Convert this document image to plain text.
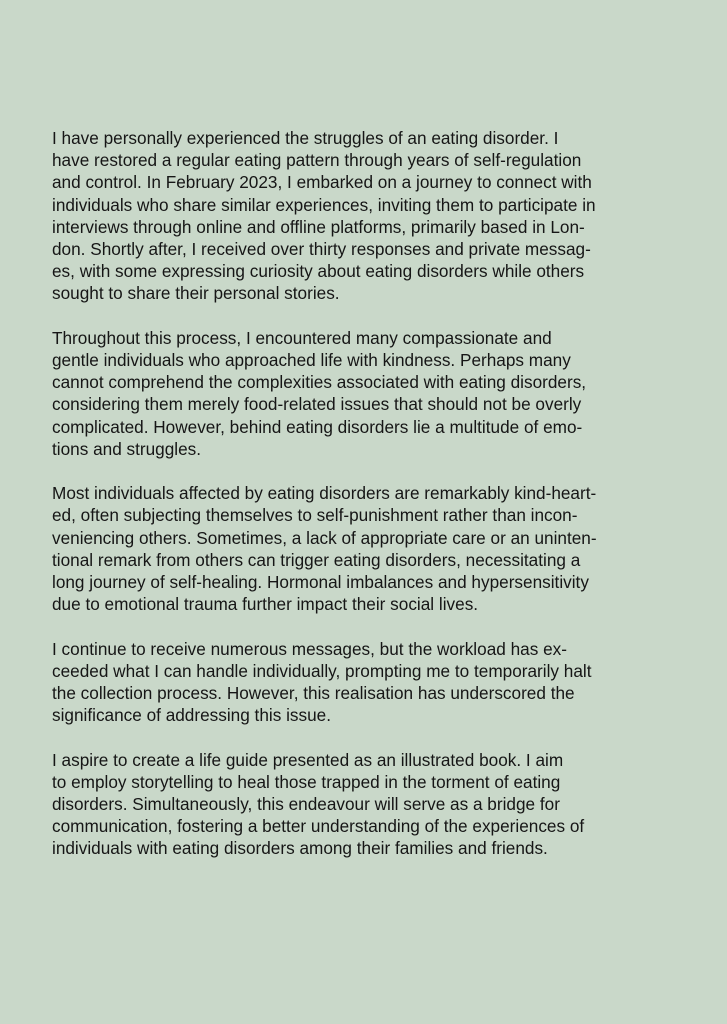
I have personally experienced the struggles of an eating disorder. I
have restored a regular eating pattern through years of self-regulation
and control. In February 2023, I embarked on a journey to connect with
individuals who share similar experiences, inviting them to participate in
interviews through online and offline platforms, primarily based in Lon-
don. Shortly after, I received over thirty responses and private messag-
es, with some expressing curiosity about eating disorders while others
sought to share their personal stories.

Throughout this process, I encountered many compassionate and
gentle individuals who approached life with kindness. Perhaps many
cannot comprehend the complexities associated with eating disorders,
considering them merely food-related issues that should not be overly
complicated. However, behind eating disorders lie a multitude of emo-
tions and struggles.

Most individuals affected by eating disorders are remarkably kind-heart-
ed, often subjecting themselves to self-punishment rather than incon-
veniencing others. Sometimes, a lack of appropriate care or an uninten-
tional remark from others can trigger eating disorders, necessitating a
long journey of self-healing. Hormonal imbalances and hypersensitivity
due to emotional trauma further impact their social lives.

I continue to receive numerous messages, but the workload has ex-
ceeded what I can handle individually, prompting me to temporarily halt
the collection process. However, this realisation has underscored the
significance of addressing this issue.

I aspire to create a life guide presented as an illustrated book. I aim
to employ storytelling to heal those trapped in the torment of eating
disorders. Simultaneously, this endeavour will serve as a bridge for
communication, fostering a better understanding of the experiences of
individuals with eating disorders among their families and friends.
